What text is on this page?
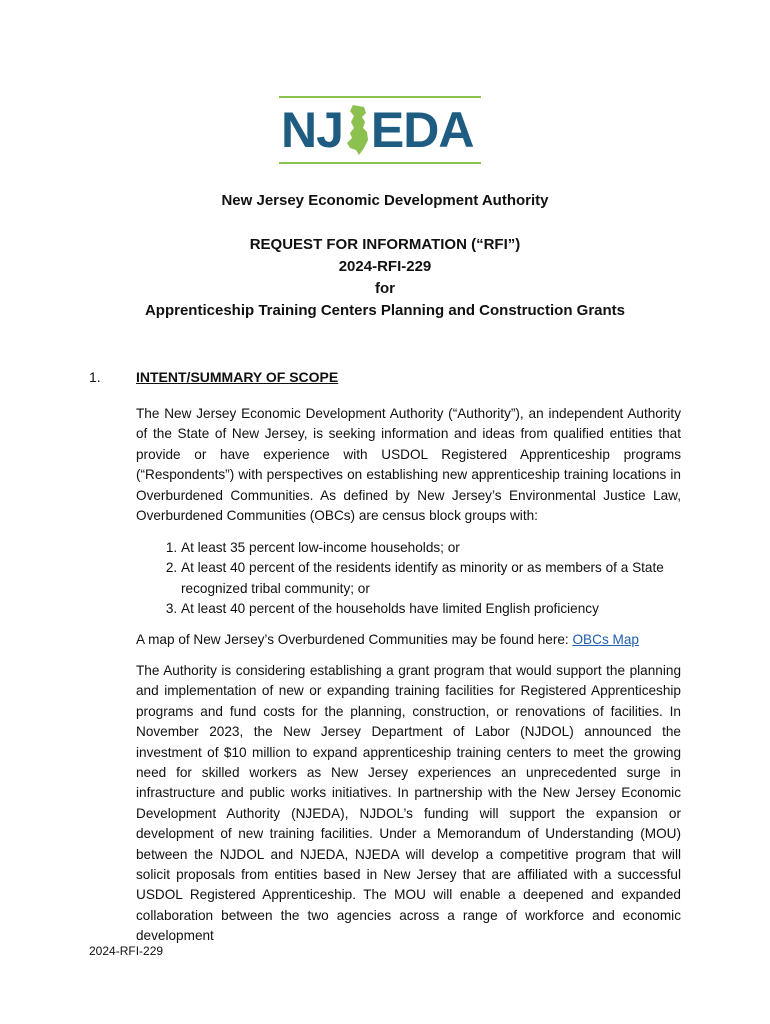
NJ EDA
New Jersey Economic Development Authority
REQUEST FOR INFORMATION (“RFI”)
2024-RFI-229
for
Apprenticeship Training Centers Planning and Construction Grants
1.	INTENT/SUMMARY OF SCOPE
The New Jersey Economic Development Authority (“Authority”), an independent Authority of the State of New Jersey, is seeking information and ideas from qualified entities that provide or have experience with USDOL Registered Apprenticeship programs (“Respondents”) with perspectives on establishing new apprenticeship training locations in Overburdened Communities. As defined by New Jersey’s Environmental Justice Law, Overburdened Communities (OBCs) are census block groups with:
1. At least 35 percent low-income households; or
2. At least 40 percent of the residents identify as minority or as members of a State recognized tribal community; or
3. At least 40 percent of the households have limited English proficiency
A map of New Jersey’s Overburdened Communities may be found here: OBCs Map
The Authority is considering establishing a grant program that would support the planning and implementation of new or expanding training facilities for Registered Apprenticeship programs and fund costs for the planning, construction, or renovations of facilities. In November 2023, the New Jersey Department of Labor (NJDOL) announced the investment of $10 million to expand apprenticeship training centers to meet the growing need for skilled workers as New Jersey experiences an unprecedented surge in infrastructure and public works initiatives. In partnership with the New Jersey Economic Development Authority (NJEDA), NJDOL’s funding will support the expansion or development of new training facilities. Under a Memorandum of Understanding (MOU) between the NJDOL and NJEDA, NJEDA will develop a competitive program that will solicit proposals from entities based in New Jersey that are affiliated with a successful USDOL Registered Apprenticeship. The MOU will enable a deepened and expanded collaboration between the two agencies across a range of workforce and economic development
2024-RFI-229
